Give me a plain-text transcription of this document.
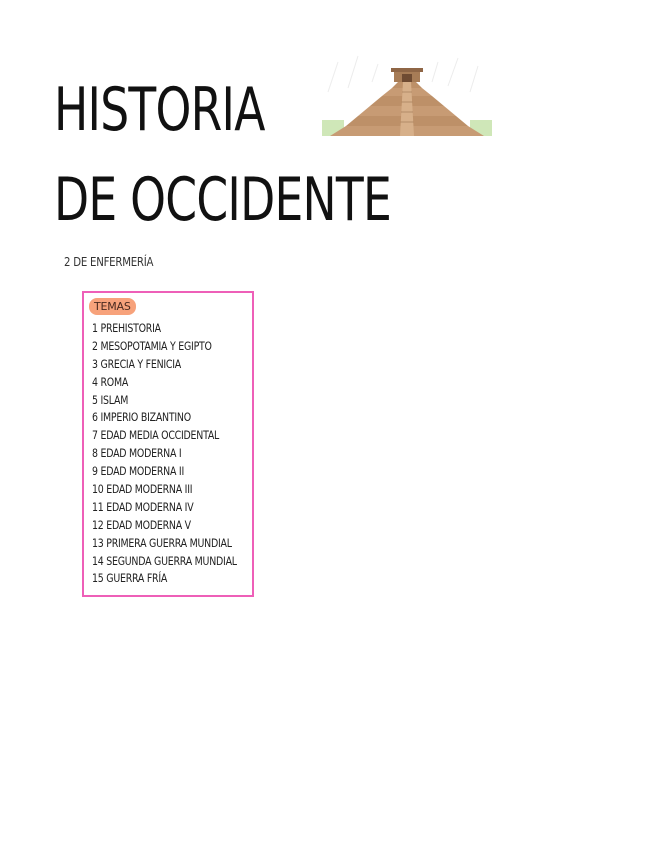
HISTORIA
DE OCCIDENTE
2 DE ENFERMERÍA
TEMAS
1 PREHISTORIA
2 MESOPOTAMIA Y EGIPTO
3 GRECIA Y FENICIA
4 ROMA
5 ISLAM
6 IMPERIO BIZANTINO
7 EDAD MEDIA OCCIDENTAL
8 EDAD MODERNA I
9 EDAD MODERNA II
10 EDAD MODERNA III
11 EDAD MODERNA IV
12 EDAD MODERNA V
13 PRIMERA GUERRA MUNDIAL
14 SEGUNDA GUERRA MUNDIAL
15 GUERRA FRÍA
